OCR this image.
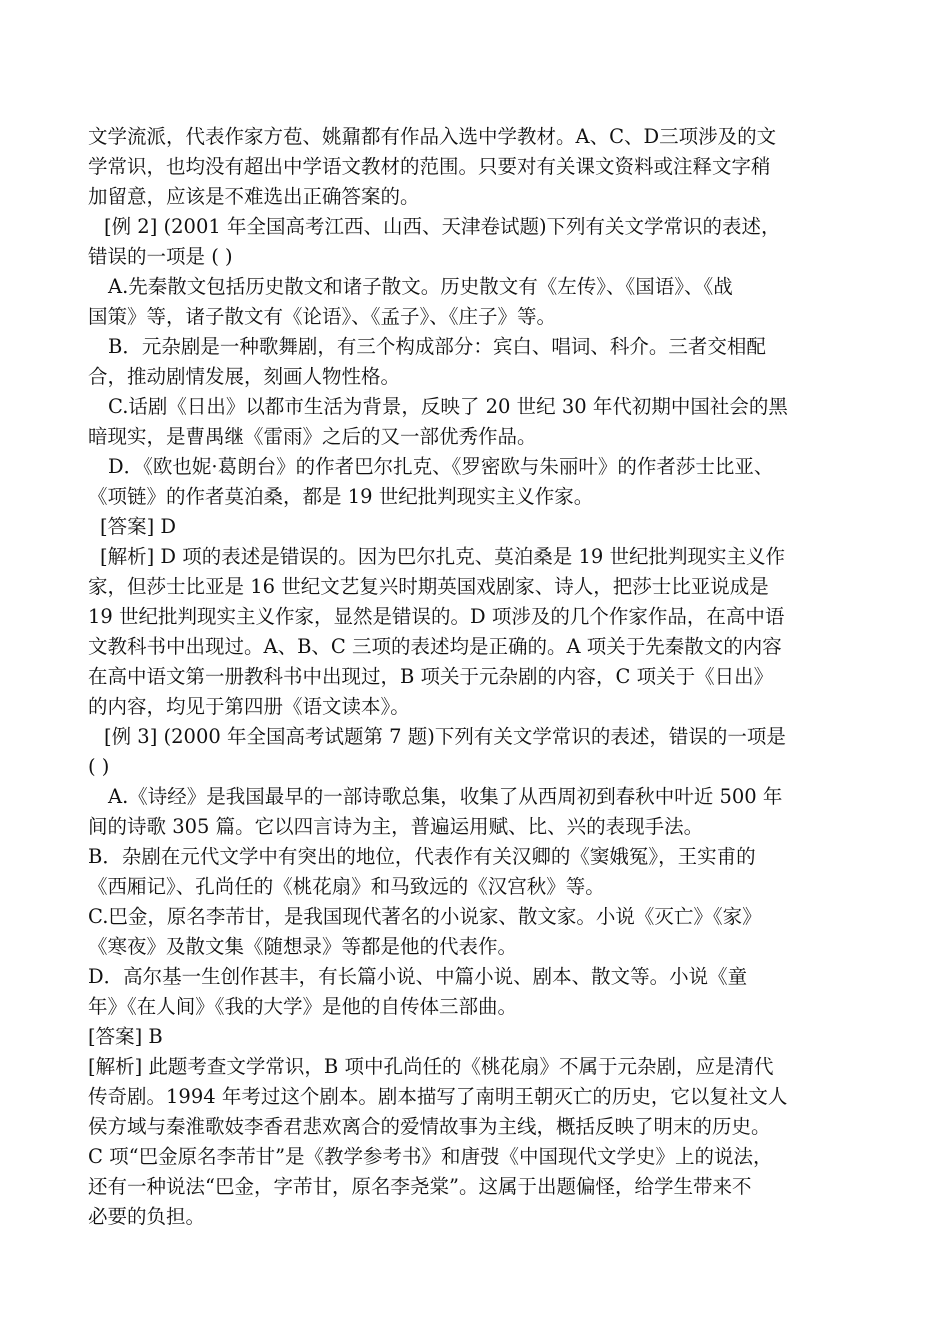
文学流派，代表作家方苞、姚鼐都有作品入选中学教材。A、C、D三项涉及的文
学常识，也均没有超出中学语文教材的范围。只要对有关课文资料或注释文字稍
加留意，应该是不难选出正确答案的。
[例 2] (2001 年全国高考江西、山西、天津卷试题)下列有关文学常识的表述，
错误的一项是 ( )
A.先秦散文包括历史散文和诸子散文。历史散文有《左传》、《国语》、《战
国策》等，诸子散文有《论语》、《孟子》、《庄子》等。
B．元杂剧是一种歌舞剧，有三个构成部分：宾白、唱词、科介。三者交相配
合，推动剧情发展，刻画人物性格。
C.话剧《日出》以都市生活为背景，反映了 20 世纪 30 年代初期中国社会的黑
暗现实，是曹禺继《雷雨》之后的又一部优秀作品。
D．《欧也妮·葛朗台》的作者巴尔扎克、《罗密欧与朱丽叶》的作者莎士比亚、
《项链》的作者莫泊桑，都是 19 世纪批判现实主义作家。
[答案] D
[解析] D 项的表述是错误的。因为巴尔扎克、莫泊桑是 19 世纪批判现实主义作
家，但莎士比亚是 16 世纪文艺复兴时期英国戏剧家、诗人，把莎士比亚说成是
19 世纪批判现实主义作家，显然是错误的。D 项涉及的几个作家作品，在高中语
文教科书中出现过。A、B、C 三项的表述均是正确的。A 项关于先秦散文的内容
在高中语文第一册教科书中出现过，B 项关于元杂剧的内容，C 项关于《日出》
的内容，均见于第四册《语文读本》。
[例 3] (2000 年全国高考试题第 7 题)下列有关文学常识的表述，错误的一项是
( )
A.《诗经》是我国最早的一部诗歌总集，收集了从西周初到春秋中叶近 500 年
间的诗歌 305 篇。它以四言诗为主，普遍运用赋、比、兴的表现手法。
B．杂剧在元代文学中有突出的地位，代表作有关汉卿的《窦娥冤》，王实甫的
《西厢记》、孔尚任的《桃花扇》和马致远的《汉宫秋》等。
C.巴金，原名李芾甘，是我国现代著名的小说家、散文家。小说《灭亡》《家》
《寒夜》及散文集《随想录》等都是他的代表作。
D．高尔基一生创作甚丰，有长篇小说、中篇小说、剧本、散文等。小说《童
年》《在人间》《我的大学》是他的自传体三部曲。
[答案] B
[解析] 此题考查文学常识，B 项中孔尚任的《桃花扇》不属于元杂剧，应是清代
传奇剧。1994 年考过这个剧本。剧本描写了南明王朝灭亡的历史，它以复社文人
侯方域与秦淮歌妓李香君悲欢离合的爱情故事为主线，概括反映了明末的历史。
C 项“巴金原名李芾甘”是《教学参考书》和唐弢《中国现代文学史》上的说法，
还有一种说法“巴金，字芾甘，原名李尧棠”。这属于出题偏怪，给学生带来不
必要的负担。
